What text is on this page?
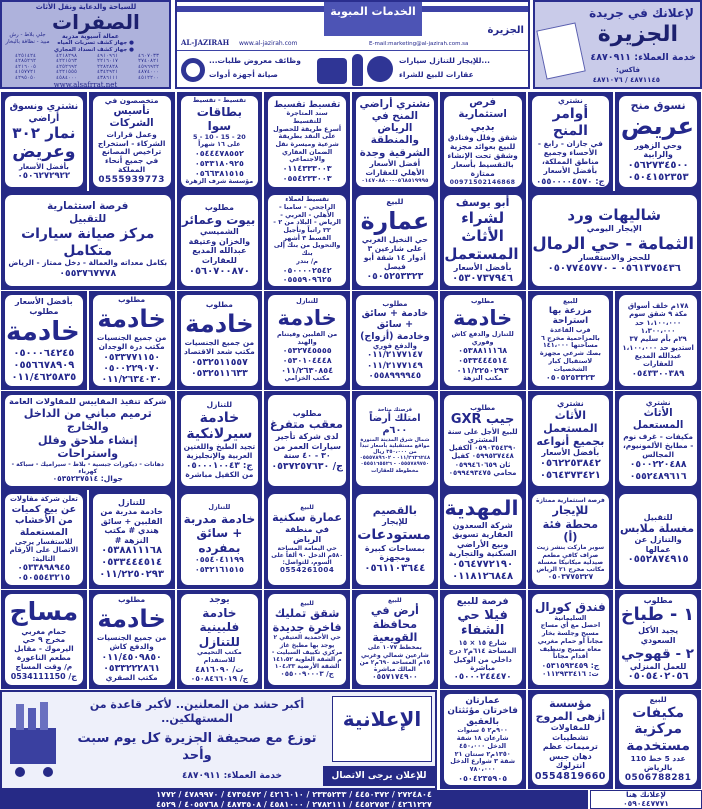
للسياحة والدعاية ونقل الأثاث
الصفرات
عمالة آسيوية مدربة
● جهاز كشف تسربات المياه
● جهاز كشف انسداد المجاري
جلي بلاط - رش مبيد - نظافة بالبخار
٤٦٠٧٠٣٣
٤٩١٠٩٦١
٤٢١٨٢٩٨
٤٢٥١٤٢٤
٢٧٤٠٨٢١
٢٢١٦٠١٧
٤٢٢١٥٦٣
٤٢٨٥٢٦٢
٤٥٩٦٩٢٢
٢٢٨٢٨٢٨
٤٢٥٢٦٩٢
٤٢١٦٠٠٥
٤٨٧٤٠٠٠
٤٣٤٢٩٢١
٤٢٢١٥٥٥
٤١٥٧٧٢١
٤٥١٢٢٠٠
٤٣٨٦١١١
٤٥٨٤٠٠٠
٤٢٩٥٠٥٠
www.alsafrrat.net
الخدمات المبوبة
AL-JAZIRAH www.al-jazirah.com	E-mail:marketing@al-jazirah.com.sa
الجزيرة
وظائف معروض طلبات...
صيانة أجهزة أدوات
...للإيجار للتنازل سيارات
عقارات للبيع للشراء
لإعلانك في جريدة
الجزيرة
خدمة العملاء: ٤٨٧٠٩١١
فاكس:
٤٨٧١١٤٥ / ٤٨٧١٠٧٦
نسوق منح
عريض
وحي الزهور والرابية
٠٥٦٢٧٣٤٥٠٠
٠٥٠٤١٥٢٣٥٣
نشتري
أوامر المنح
في جازان - رابغ - الأحساء وجميع مناطق المملكة، بأفضل الأسعار
ج: ٠٥٥٠٠٠٠٤٥٧٠
فرص استثمارية بدبي
شقق وفلل وفنادق للبيع بعوائد مجزية وشقق تحت الإنشاء بالتقسيط بأسعار ممتازة
00971502146868
نشتري أراضي المنح في الرياض والمنطقة الشرقية وجدة
أفضل الأسعار
الأهلي للعقارات
٠٥٦٨٥١٩٩٩٥-٠١٤٧٠٨٨٠٠
تقسيط تقسيط
سند المتاجرة للتقسيط
أسرع طريقة للحصول على النقد بطريقة شرعية وميسرة نقل الضمان العقاري والاجتماعي
٠١١٤٣٣٣٠٠٣
٠٥٥٤٢٣٣٠٠٣
تقسيط - تقسيط
بطاقات سوا
20 - 15 - 10 - 5
على ١٦ شهراً
٠٥٤٤٤٧٨٥٥٢
٠٥٣٣١٨٠٩٢٥
٠٥٦٦٣٨١٥١٥
مؤسسة شرف الزهرة
متخصصون في
تأسيس الشركات
وعمل قرارات الشركاء - استخراج تراخيص المصانع في جميع أنحاء المملكة
0555939773
نشتري ونسوق أراضي
نمار ٣٠٢
وعريض
بأفضل الأسعار
٠٥٠٦٢٧٢٩٢٢
شاليهات ورد
الإيجار اليومي
الثمامة - حي الرمال
للحجز والاستفسار
٠٥٦١٣٧٥٤٣٦ - ٠٥٠٧٧٤٥٧٧٠
أبو يوسف
لشراء الأثاث المستعمل
بأفضل الأسعار
٠٥٣٠٧٣٧٩٤٦
للبيع
عمارة
حي النخيل الغربي على شارعين ٣ أدوار ١٤ شقة أبو فيصل
٠٥٠٥٢٥٣٣٢٣
تقسيط لعملاء الراجحي - سامبا - الأهلي - العربي - الرياض - البلاد من ٢ - ٢٢ راتباً وتأجيل القسط ٣ أشهر والتحويل من بنك إلى بنك
م/ بندر
٠٥٠٠٠٠٢٥٤٢
٠٥٥٥٩٠٩٦٢٥
مطلوب
بيوت وعمائر
الشميسي والخزان وعتيقة
عبدالله المديع للعقارات
٠٥٦٠٧٠٠٨٧٠
فرصة استثمارية
للتقبيل
مركز صيانة سيارات متكامل
بكامل معداته والعمالة - دخل ممتاز - الرياض
٠٥٥٣٧٦٧٧٧٨
١٧٨م خلف أسواق مكة ٩ شقق سوم ١،١٠٠،٠٠٠ حد ١،٣٠٠،٠٠٠
٢٩م بأم سليم ٣٧ استديو حد ١،١٠٠،٠٠٠
عبدالله المديع للعقارات
٠٥٤٣٣٠٠٣٨٩
للبيع
مزرعة بها استراحة
قرب القاعدة بالمزاحمية مخرج ٦ مساحتها ١٤١،٠٠٠ بصك شرعي مجهزة لاستقبال كبار الشخصيات
٠٥٠٥٢٥٣٣٢٣
مطلوب
خادمة
للتنازل والدفع كاش وفوري
٠٥٣٨٨١١١٦٨
٠٥٣٣٤٤٤٥١٤
٠١١/٢٢٥٠٢٩٣
مكتب النزهة
مطلوب
خادمة + سائق + سائق وخادمة (أزواج)
والدفع فوري
٠١١/٢١٧٧١٤٧
٠١١/٢١٧٧١٤٩
٠٥٥٨٩٩٩٩٤٥
للتنازل
خادمة
من الفلبين وفيتنام والهند
٠٥٣٢٧٤٥٥٥٥
٠٥٣٠١٠٤٤٤٨
٠١١/٢٦٣٠٨٥٤
مكتب الخزامي
مطلوب
خادمة
من جميع الجنسيات
مكتب شعد الاقتصاد
٠٥٣٢٥١١٥٥٧
٠٥٣٢٥١١٦٣٣
مطلوب
خادمة
من جميع الجنسيات مكتب درة الوجدان
٠٥٣٣٧٧١١٥٠
٠٥٠٠٢٢٩٠٧٠
٠١١/٢٦٣٤٠٣٠
بأفضل الأسعار
مطلوب
خادمة
٠٥٠٠٠٦٤٢٤٥
٠٥٥٦٦٧٨٩٠٩
٠١١/٤٦٢٥٨٣٥
نشتري
الأثاث المستعمل
مكيفات - غرف نوم - مطابخ الألمونيوم، المجالس
٠٥٠٠٢٢٠٤٨٨
٠٥٥٢٤٨٩٦١٦
نشتري
الأثاث المستعمل
بجميع أنواعه
بأفضل الأسعار
٠٥٦٢٢٥٣٨٤٢
٠٥٦٤٣٧٣٤٢١
مطلوب
جيب GXR
للبيع الأجل على سنة
المشتري ٠٥٩٠٣٥٤٣٩٠ الكفيل ٠٥٩٩٥٣٧٤٤٨ كفيل ثان ٠٥٩٩٤٦٠٦٥٩ محامي ٠٥٩٩٤٩٣٤٧٥
فرصتك متاحة
امتلك أرضاً ٦٠٠م
شمال شرق المدينة المنورة مواقع مستقبلية بأسعار تبدأ من ٣٥٠،٠٠٠ ريال
٠١١/٢٦٣٦٢٤٨ - ٠٥٥٥٧٨٩٦٠٢
٠٥٥٥٧٨٩٧٥٠ - ٠٥٥٥١٦٥٥٢٦
مخطوطة للعقارات
مطلوب
معقب متفرغ
لدى شركة تأجير سيارات العمر من ٣٠ - ٤٠ سنة
ج/ ٠٥٣٧٢٥٧٦٣٠
للتنازل
خادمة سيرلانكية
تجيد الطبخ واللغتين العربية والإنجليزية
ج: ٠٥٠٠٠١٠٠٤٣
من الكفيل مباشرة
شركة تنفيذ المقاييس للمقاولات العامة
ترميم مباني من الداخل والخارج
إنشاء ملاحق وفلل واستراحات
دهانات - ديكورات جبسية - بلاط - سيراميك - سباكة - كهرباء
جوال: ٠٥٣٥٢٣٧٥١٤
للتقبيل
مغسلة ملابس
والتنازل عن عمالها
٠٥٥٢٨٧٤٩١٥
فرصة استثمارية ممتازة
للإيجار
محطة فئة (أ)
سوبر ماركت بنشر زيت صراف كافي مطعم صيدلية ميكانيكا مغسلة مكاتب مخرج ٢١ الرياض
٠٥٠٣٧٧٥٣٢٧
المهدية
شركة السعدون العقارية تسويق وبيع الأراضي السكنية والتجارية
٠٥٦٤٧٧٢١٩٠
٠١١٨١٢٦٨٤٨
بالقصيم
للإيجار
مستودعات
بمساحات كبيرة ومجهزة
٠٥٦١١٠٣٦٤٤
للبيع
عمارة سكنية
في منطقة الرياض
حي اليمامة المساحة ٥٨٠م الدخل ٩٠ ألفاً على السوم، للتواصل:
0554261004
للتنازل
خادمة مدربة + سائق بمفرده
٠٥٥٤٠٤١١٩٩
٠٥٣٢١٦١٥١٥
للتنازل
خادمة مدربة من الفلبين + سائق هندي # مكتب النزهة #
٠٥٣٨٨١١١٦٨
٠٥٣٣٤٤٤٥١٤
٠١١/٢٢٥٠٢٩٣
تعلن شركة مقاولات
عن بيع كميات من الأخشاب المستعملة
للاستفسار يرجى الاتصال على الأرقام التالية:
٠٥٣٣٨٩٨٩٤٥
٠٥٠٥٥٤٣٢١٥
مطلوب
١ - طباخ
يجيد الأكل السعودي
٢ - قهوجي
للعمل المنزلي
٠٥٠٥٤٠٢٠٥٦
فندق كورال
السليمانية
احصل مع أي مساج مسبح وجلسة بخار مجاناً أو حمام مغربي معاه مسبح وتنظيف أقدام مجاناً
ج: ٠٥٣١٥٩٣٤٥٩
ت: ٠١١٢٩٣٣٤١٦
فرصة للبيع
فيلا حي الشفاء
شارع ١٥ × ١٥ المساحة ٦١٤م٢ درج داخلي من الوكيل مباشرة
٠٥٠٠٠٢٤٤٤٧٠
للبيع
أرض في محافظة القويعية
بمخطط ١٠٧٧ على شارعين شمالي وغربي ١٥م المساحة ٦٩٠م٢ من المالك مباشرة
٠٥٥٧١٧٤٩٠٠
للبيع
شقق تمليك فاخرة جديدة
حي الأحمدية العتيقي ٢ يوجد بها مطبخ غاز مركزي تكييف السبليت - م الشقة العلوية ١٤١،٥٢ الشقة الأرضية ١٠٤،٣٣
ج/ ٠٥٥٠٠٩٠٠٠٣
يوجد
خادمة فلبينية
للتنازل
مكتب التحيمي للاستقدام
ت/ ٤٨١٦٠٩٠
ج/ ٠٥٠٨٤٦٦٠١٩
مطلوب
خادمة
من جميع الجنسيات والدفع كاش
٠١١/٤٥٠٩٨٥٠
٠٥٣٣٢٢٢٨٦١
مكتب الصقري
مساج
حمام مغربي
مخرج ٩ حي اليرموك - مقابل مطعم الناعورة
م/ وقت المساج
ج/ 0534111150
للبيع
مكيفات مركزية مستخدمة
عدد 5 خط 110
بالرياض
0506788281
مؤسسة أزهى المروج
للمقاولات تشطيبات ترميمات عظم دهان جبس انترلوك
0554819660
عمارتان فاخرتان مؤثثتان بالعقيق
٩٠٠م٢ ٥ سنوات شارعان ١٨ شقة الدخل ٤٥٠،٠٠٠
١٣٥٠م٢ سنتان ٢١ شقة ٣ شوارع الدخل ٧٨٠،٠٠٠
٠٥٠٤٢٣٥٩٠٥
أكبر حشد من المعلنين.. لأكبر قاعدة من المستهلكين..
توزع مع صحيفة الجزيرة كل يوم سبت وأحد
خدمة العملاء: ٤٨٧٠٩١١
الإعلانية
للإعلان يرجى الاتصال
٢٧٢٤٨٠٤ / ٤٤٥٠٣٧٢ / ٢٣٣٥٢٣٣ / ٤٢١٦٠١٠ / ٤٧٣٥٤٧٢ / ٤٧٨٩٩٧٠ / ١٧٧٢
٤٢٦١٢٢٧ / ٤٤٥٢٧٥٣ / ٢٧٨٢١١١ / ٤٥٨١٠٠٠ / ٤٨٧٣٥٠٨ / ٤٠٥٥٧٦٨ / ٤٥٢٩
لإعلانك هنا
٠٥٩٠٤٤٧٧٧١
